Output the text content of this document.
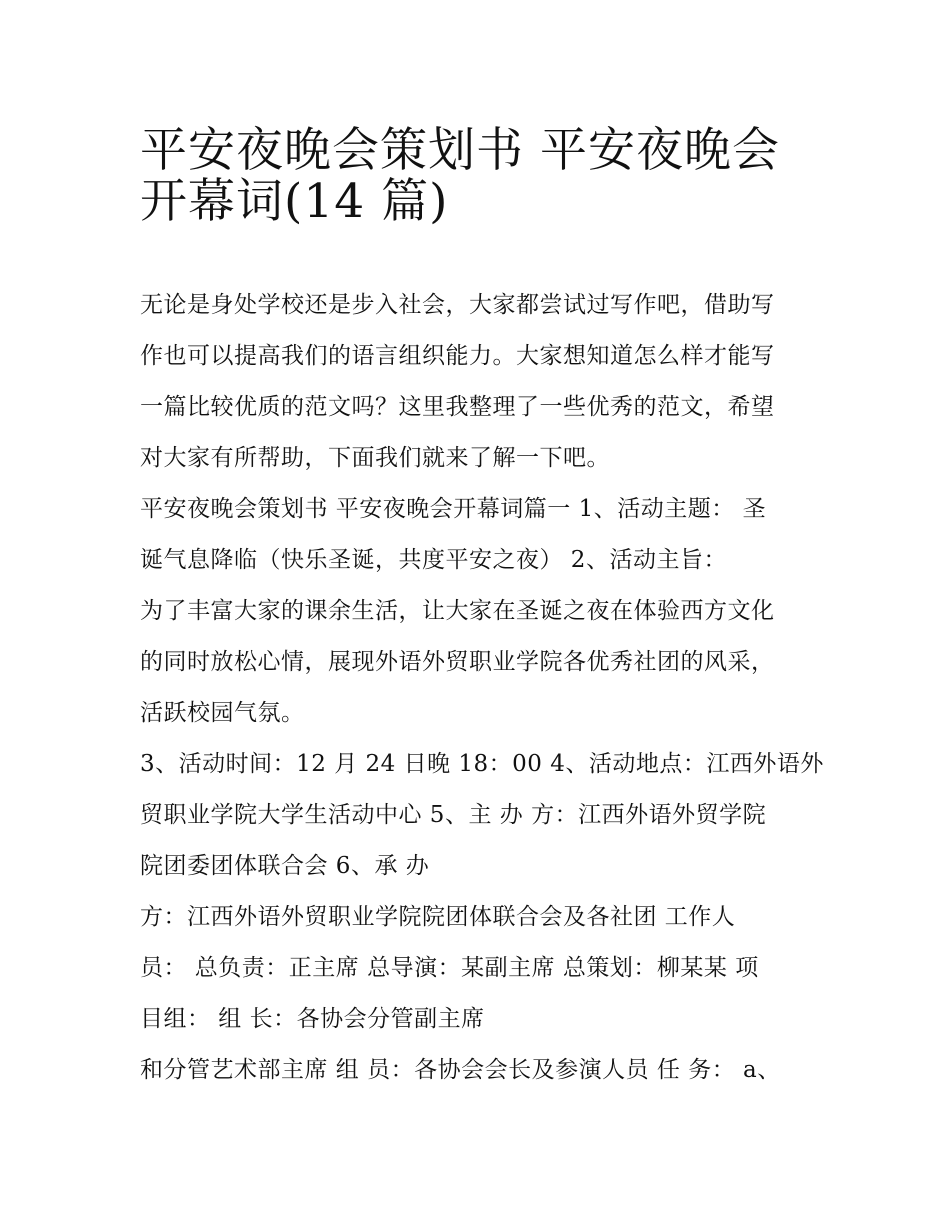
平安夜晚会策划书 平安夜晚会
开幕词(14 篇)

无论是身处学校还是步入社会，大家都尝试过写作吧，借助写
作也可以提高我们的语言组织能力。大家想知道怎么样才能写
一篇比较优质的范文吗？这里我整理了一些优秀的范文，希望
对大家有所帮助，下面我们就来了解一下吧。

平安夜晚会策划书 平安夜晚会开幕词篇一 1、活动主题： 圣
诞气息降临（快乐圣诞，共度平安之夜） 2、活动主旨：

为了丰富大家的课余生活，让大家在圣诞之夜在体验西方文化
的同时放松心情，展现外语外贸职业学院各优秀社团的风采，
活跃校园气氛。

3、活动时间：12 月 24 日晚 18：00 4、活动地点：江西外语外
贸职业学院大学生活动中心 5、主 办 方：江西外语外贸学院
院团委团体联合会 6、承 办

方：江西外语外贸职业学院院团体联合会及各社团 工作人
员： 总负责：正主席 总导演：某副主席 总策划：柳某某 项
目组： 组 长：各协会分管副主席

和分管艺术部主席 组 员：各协会会长及参演人员 任 务： a、
